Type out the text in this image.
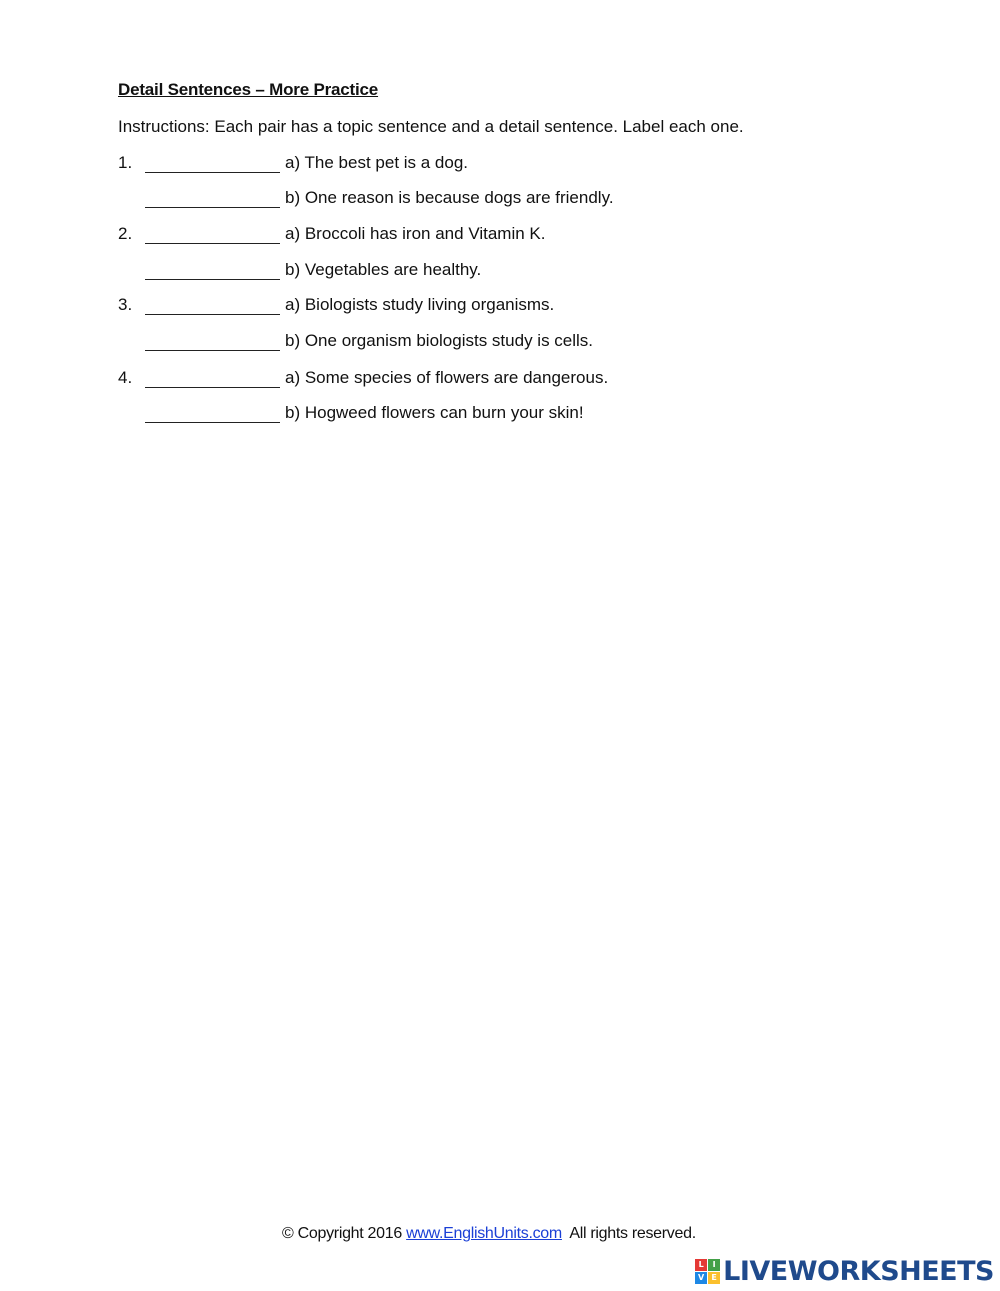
Detail Sentences – More Practice
Instructions: Each pair has a topic sentence and a detail sentence. Label each one.
1.	a) The best pet is a dog.
b) One reason is because dogs are friendly.
2.	a) Broccoli has iron and Vitamin K.
b) Vegetables are healthy.
3.	a) Biologists study living organisms.
b) One organism biologists study is cells.
4.	a) Some species of flowers are dangerous.
b) Hogweed flowers can burn your skin!
© Copyright 2016 www.EnglishUnits.com  All rights reserved.
L	I
V E LIVEWORKSHEETS
